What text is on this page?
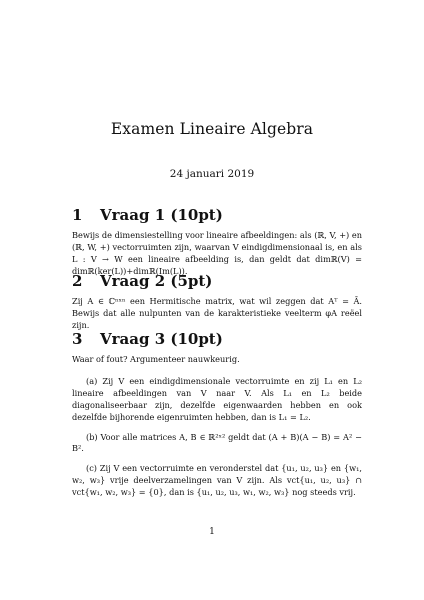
Examen Lineaire Algebra
24 januari 2019
1 Vraag 1 (10pt)

Bewijs de dimensiestelling voor lineaire afbeeldingen: als (ℝ, V, +) en (ℝ, W, +) vectorruimten zijn, waarvan V eindigdimensionaal is, en als L : V → W een lineaire afbeelding is, dan geldt dat dimℝ(V) = dimℝ(ker(L))+dimℝ(Im(L)).

2 Vraag 2 (5pt)

Zij A ∈ ℂⁿˣⁿ een Hermitische matrix, wat wil zeggen dat Aᵀ = Ā. Bewijs dat alle nulpunten van de karakteristieke veelterm φA reëel zijn.

3 Vraag 3 (10pt)

Waar of fout? Argumenteer nauwkeurig.

(a) Zij V een eindigdimensionale vectorruimte en zij L₁ en L₂ lineaire afbeeldingen van V naar V. Als L₁ en L₂ beide diagonaliseerbaar zijn, dezelfde eigenwaarden hebben en ook dezelfde bijhorende eigenruimten hebben, dan is L₁ = L₂.

(b) Voor alle matrices A, B ∈ ℝ²ˣ² geldt dat (A + B)(A − B) = A² − B².

(c) Zij V een vectorruimte en veronderstel dat {u₁, u₂, u₃} en {w₁, w₂, w₃} vrije deelverzamelingen van V zijn. Als vct{u₁, u₂, u₃} ∩ vct{w₁, w₂, w₃} = {0}, dan is {u₁, u₂, u₃, w₁, w₂, w₃} nog steeds vrij.

1
